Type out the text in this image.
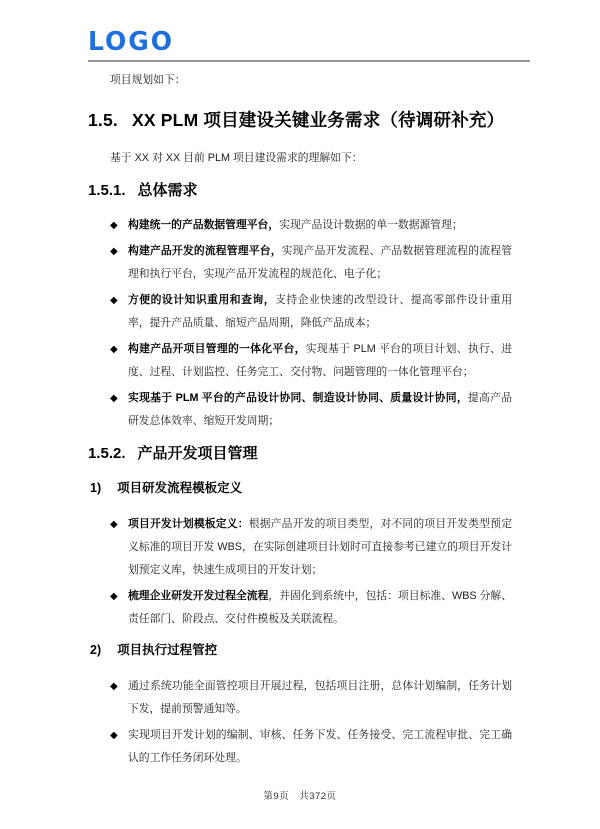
LOGO

项目规划如下：

1.5. XX PLM 项目建设关键业务需求（待调研补充）

基于 XX 对 XX 目前 PLM 项目建设需求的理解如下：

1.5.1. 总体需求
◆ 构建统一的产品数据管理平台，实现产品设计数据的单一数据源管理；
◆ 构建产品开发的流程管理平台，实现产品开发流程、产品数据管理流程的流程管理和执行平台，实现产品开发流程的规范化、电子化；
◆ 方便的设计知识重用和查询，支持企业快速的改型设计、提高零部件设计重用率，提升产品质量、缩短产品周期，降低产品成本；
◆ 构建产品开项目管理的一体化平台，实现基于 PLM 平台的项目计划、执行、进度、过程、计划监控、任务完工、交付物、问题管理的一体化管理平台；
◆ 实现基于 PLM 平台的产品设计协同、制造设计协同、质量设计协同，提高产品研发总体效率、缩短开发周期；
1.5.2. 产品开发项目管理
1) 项目研发流程模板定义
◆ 项目开发计划模板定义：根据产品开发的项目类型，对不同的项目开发类型预定义标准的项目开发 WBS，在实际创建项目计划时可直接参考已建立的项目开发计划预定义库，快速生成项目的开发计划；
◆ 梳理企业研发开发过程全流程，并固化到系统中，包括：项目标准、WBS 分解、责任部门、阶段点、交付件模板及关联流程。
2) 项目执行过程管控
◆ 通过系统功能全面管控项目开展过程，包括项目注册，总体计划编制，任务计划下发，提前预警通知等。
◆ 实现项目开发计划的编制、审核、任务下发、任务接受、完工流程审批、完工确认的工作任务闭环处理。
第9页　共372页
